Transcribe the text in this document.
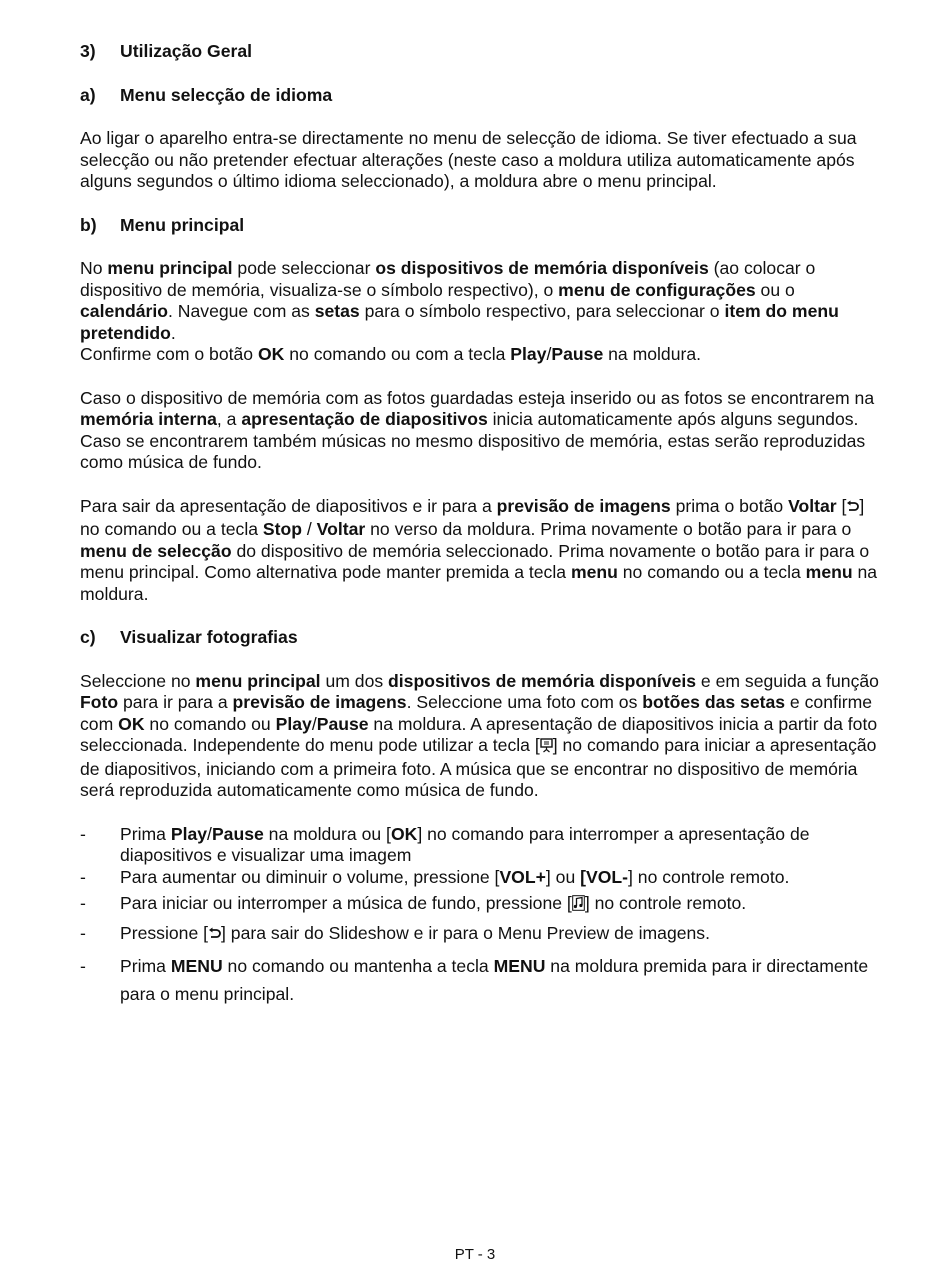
3)	Utilização Geral
a)	Menu selecção de idioma

Ao ligar o aparelho entra-se directamente no menu de selecção de idioma. Se tiver efectuado a sua selecção ou não pretender efectuar alterações (neste caso a moldura utiliza automaticamente após alguns segundos o último idioma seleccionado), a moldura abre o menu principal.

b)	Menu principal

No menu principal pode seleccionar os dispositivos de memória disponíveis (ao colocar o dispositivo de memória, visualiza-se o símbolo respectivo), o menu de configurações ou o calendário. Navegue com as setas para o símbolo respectivo, para seleccionar o item do menu pretendido.

Confirme com o botão OK no comando ou com a tecla Play/Pause na moldura.

Caso o dispositivo de memória com as fotos guardadas esteja inserido ou as fotos se encontrarem na memória interna, a apresentação de diapositivos inicia automaticamente após alguns segundos.

Caso se encontrarem também músicas no mesmo dispositivo de memória, estas serão reproduzidas como música de fundo.

Para sair da apresentação de diapositivos e ir para a previsão de imagens prima o botão Voltar [ ] no comando ou a tecla Stop / Voltar no verso da moldura. Prima novamente o botão para ir para o menu de selecção do dispositivo de memória seleccionado. Prima novamente o botão para ir para o menu principal. Como alternativa pode manter premida a tecla menu no comando ou a tecla menu na moldura.

c)	Visualizar fotografias

Seleccione no menu principal um dos dispositivos de memória disponíveis e em seguida a função Foto para ir para a previsão de imagens. Seleccione uma foto com os botões das setas e confirme com OK no comando ou Play/Pause na moldura. A apresentação de diapositivos inicia a partir da foto seleccionada. Independente do menu pode utilizar a tecla [ ] no comando para iniciar a apresentação de diapositivos, iniciando com a primeira foto. A música que se encontrar no dispositivo de memória será reproduzida automaticamente como música de fundo.

-	Prima Play/Pause na moldura ou [OK] no comando para interromper a apresentação de diapositivos e visualizar uma imagem
-	Para aumentar ou diminuir o volume, pressione [VOL+] ou [VOL-] no controle remoto.
-	Para iniciar ou interromper a música de fundo, pressione [ ] no controle remoto.
-	Pressione [ ] para sair do Slideshow e ir para o Menu Preview de imagens.
-	Prima MENU no comando ou mantenha a tecla MENU na moldura premida para ir directamente para o menu principal.
PT - 3
